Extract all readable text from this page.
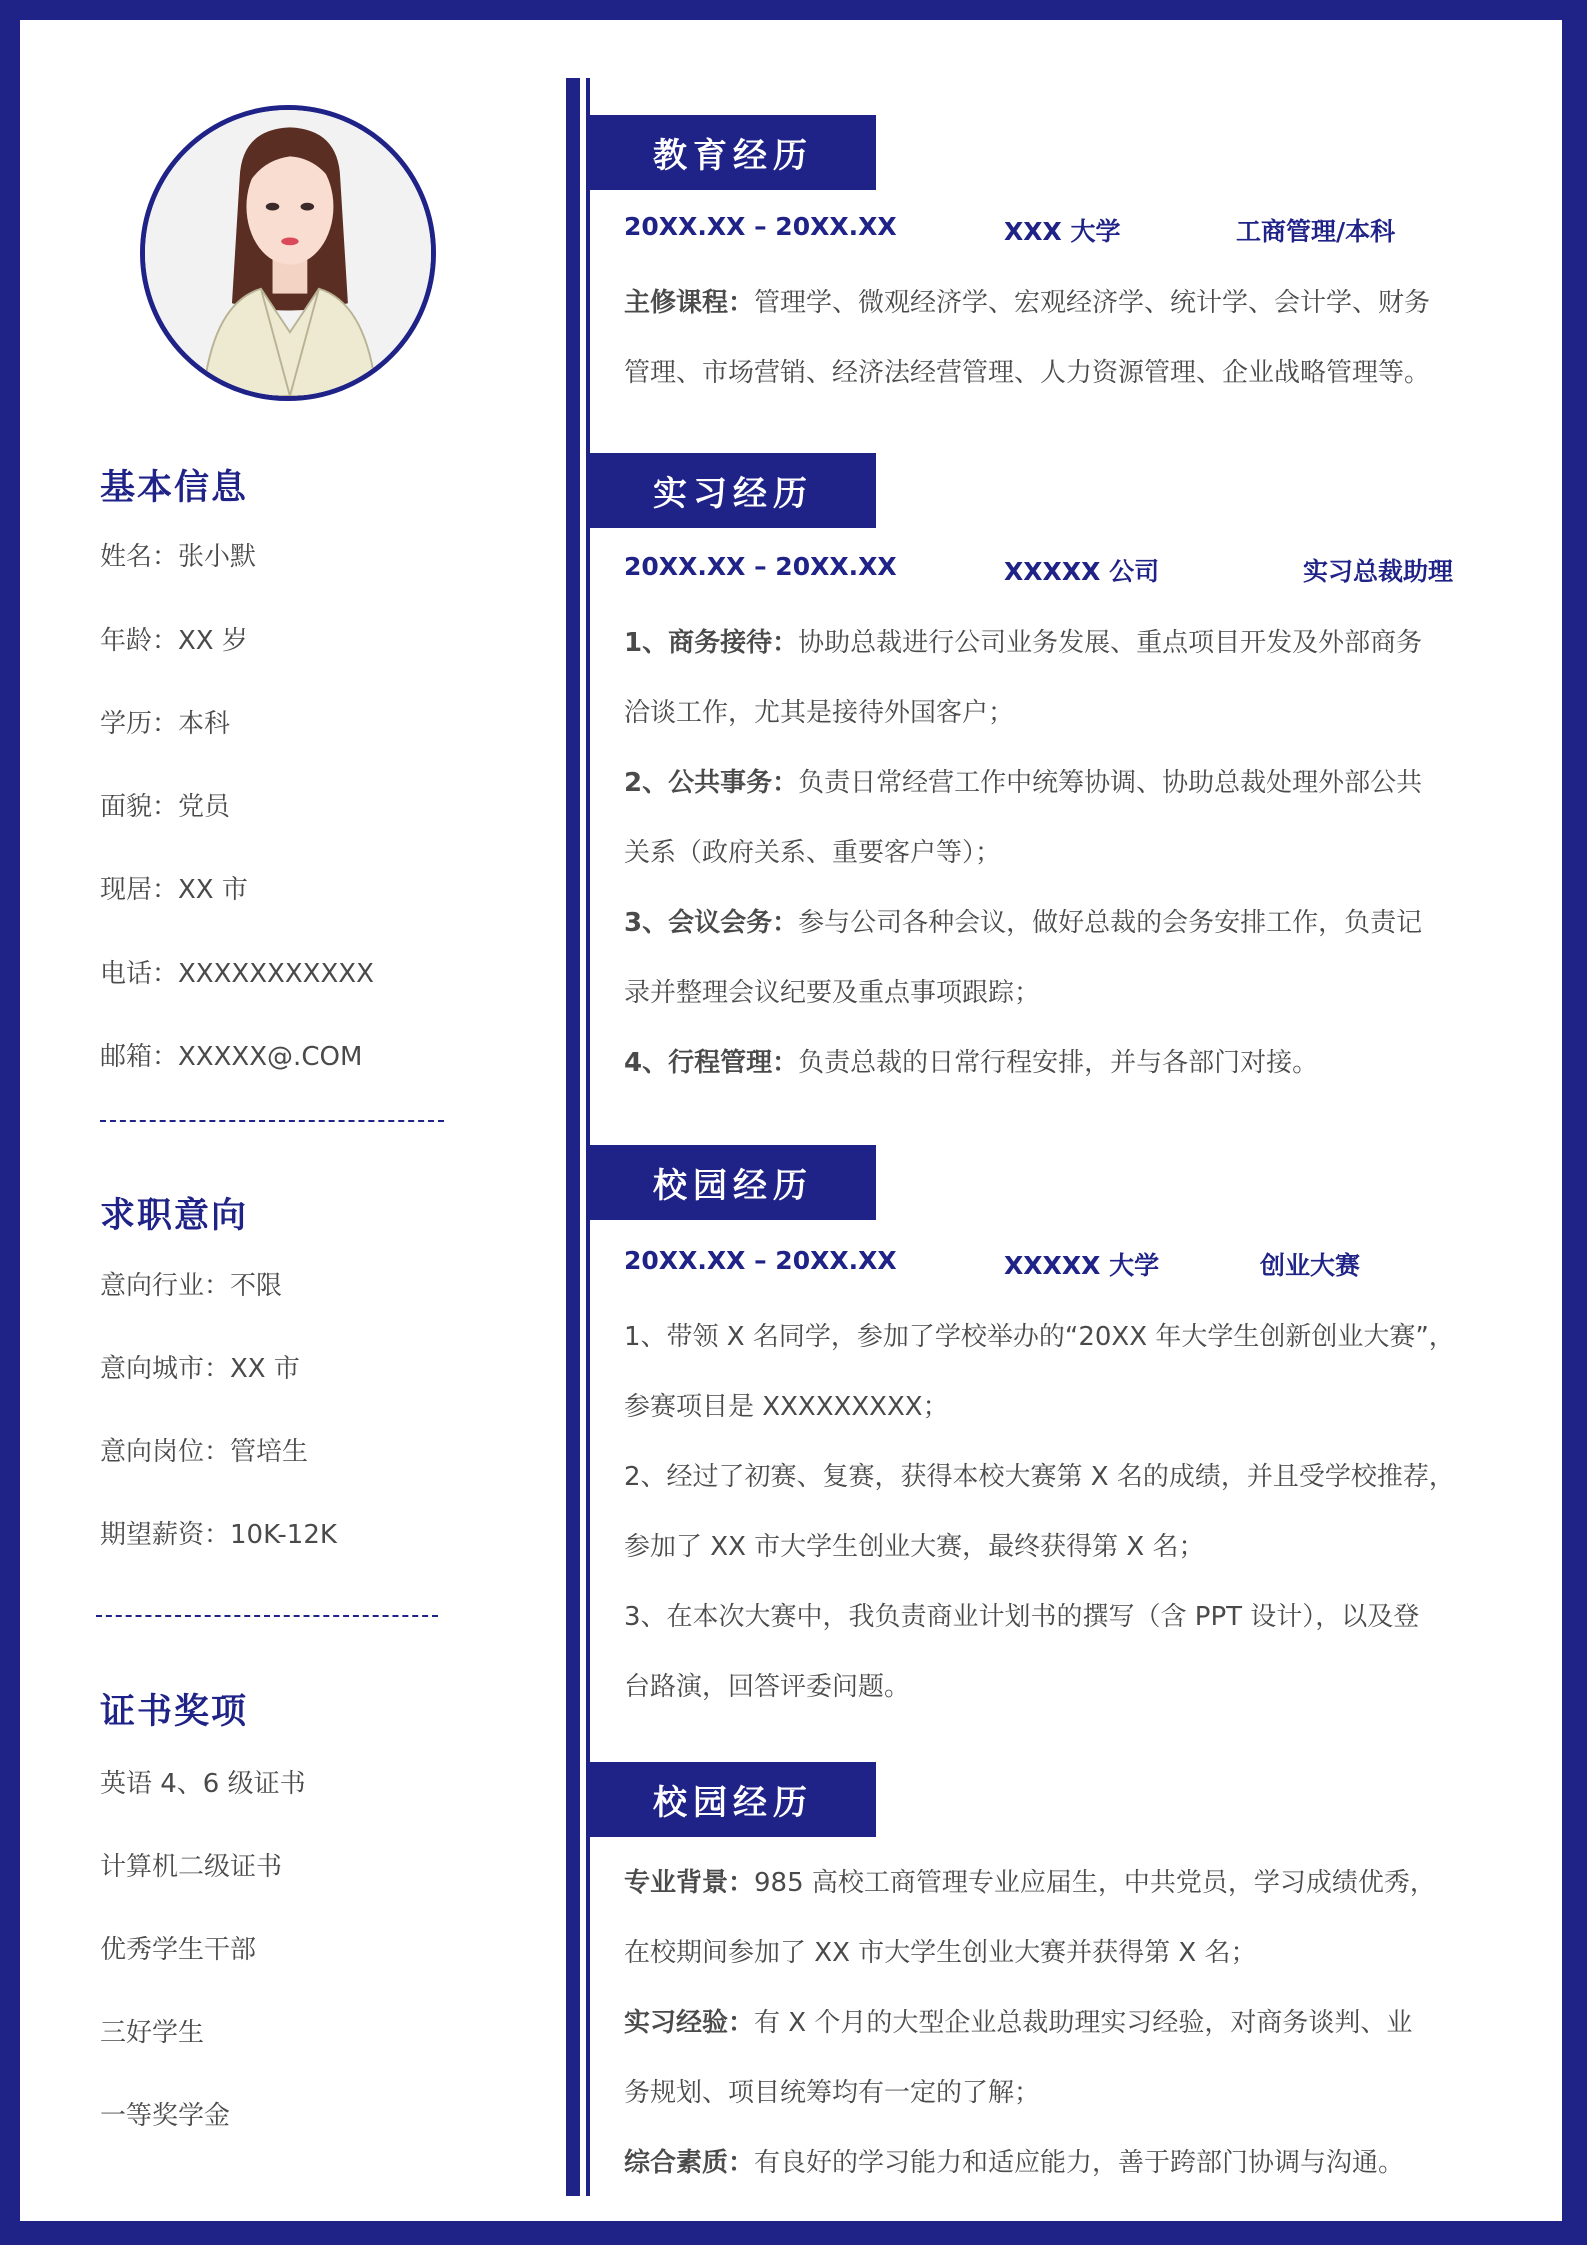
基本信息
姓名：张小默
年龄：XX 岁
学历：本科
面貌：党员
现居：XX 市
电话：XXXXXXXXXXX
邮箱：XXXXX@.COM
求职意向
意向行业：不限
意向城市：XX 市
意向岗位：管培生
期望薪资：10K-12K
证书奖项
英语 4、6 级证书
计算机二级证书
优秀学生干部
三好学生
一等奖学金
教育经历
20XX.XX – 20XX.XX	XXX 大学	工商管理/本科
主修课程：管理学、微观经济学、宏观经济学、统计学、会计学、财务
管理、市场营销、经济法经营管理、人力资源管理、企业战略管理等。
实习经历
20XX.XX – 20XX.XX	XXXXX 公司	实习总裁助理
1、商务接待：协助总裁进行公司业务发展、重点项目开发及外部商务
洽谈工作，尤其是接待外国客户；
2、公共事务：负责日常经营工作中统筹协调、协助总裁处理外部公共
关系（政府关系、重要客户等）；
3、会议会务：参与公司各种会议，做好总裁的会务安排工作，负责记
录并整理会议纪要及重点事项跟踪；
4、行程管理：负责总裁的日常行程安排，并与各部门对接。
校园经历
20XX.XX – 20XX.XX	XXXXX 大学	创业大赛
1、带领 X 名同学，参加了学校举办的“20XX 年大学生创新创业大赛”，
参赛项目是 XXXXXXXXX；
2、经过了初赛、复赛，获得本校大赛第 X 名的成绩，并且受学校推荐，
参加了 XX 市大学生创业大赛，最终获得第 X 名；
3、在本次大赛中，我负责商业计划书的撰写（含 PPT 设计），以及登
台路演，回答评委问题。
校园经历
专业背景：985 高校工商管理专业应届生，中共党员，学习成绩优秀，
在校期间参加了 XX 市大学生创业大赛并获得第 X 名；
实习经验：有 X 个月的大型企业总裁助理实习经验，对商务谈判、业
务规划、项目统筹均有一定的了解；
综合素质：有良好的学习能力和适应能力，善于跨部门协调与沟通。
